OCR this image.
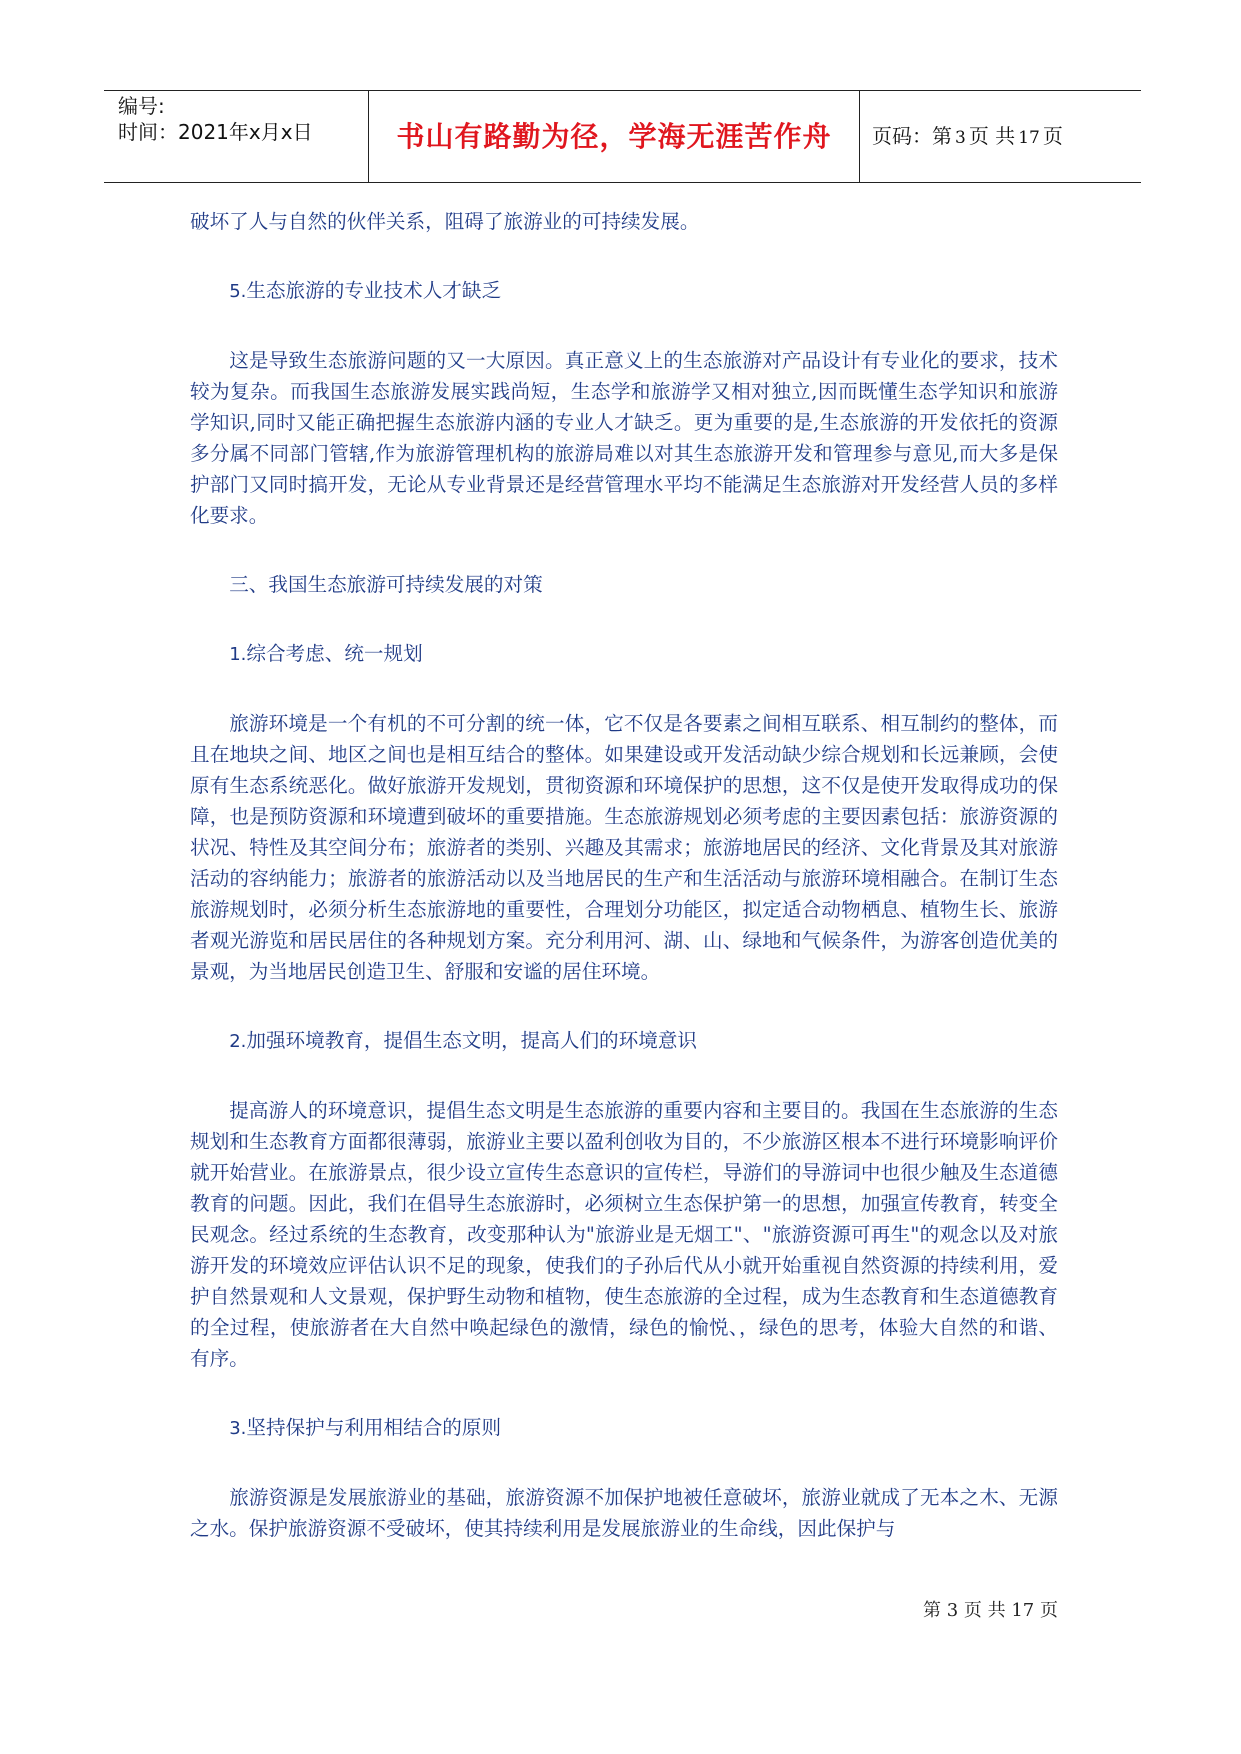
编号:
时间：2021年x月x日	书山有路勤为径，学海无涯苦作舟	页码：第 3 页 共 17 页

破坏了人与自然的伙伴关系，阻碍了旅游业的可持续发展。

5.生态旅游的专业技术人才缺乏

这是导致生态旅游问题的又一大原因。真正意义上的生态旅游对产品设计有专业化的要求，技术较为复杂。而我国生态旅游发展实践尚短，生态学和旅游学又相对独立,因而既懂生态学知识和旅游学知识,同时又能正确把握生态旅游内涵的专业人才缺乏。更为重要的是,生态旅游的开发依托的资源多分属不同部门管辖,作为旅游管理机构的旅游局难以对其生态旅游开发和管理参与意见,而大多是保护部门又同时搞开发，无论从专业背景还是经营管理水平均不能满足生态旅游对开发经营人员的多样化要求。

三、我国生态旅游可持续发展的对策

1.综合考虑、统一规划

旅游环境是一个有机的不可分割的统一体，它不仅是各要素之间相互联系、相互制约的整体，而且在地块之间、地区之间也是相互结合的整体。如果建设或开发活动缺少综合规划和长远兼顾，会使原有生态系统恶化。做好旅游开发规划，贯彻资源和环境保护的思想，这不仅是使开发取得成功的保障，也是预防资源和环境遭到破坏的重要措施。生态旅游规划必须考虑的主要因素包括：旅游资源的状况、特性及其空间分布；旅游者的类别、兴趣及其需求；旅游地居民的经济、文化背景及其对旅游活动的容纳能力；旅游者的旅游活动以及当地居民的生产和生活活动与旅游环境相融合。在制订生态旅游规划时，必须分析生态旅游地的重要性，合理划分功能区，拟定适合动物栖息、植物生长、旅游者观光游览和居民居住的各种规划方案。充分利用河、湖、山、绿地和气候条件，为游客创造优美的景观，为当地居民创造卫生、舒服和安谧的居住环境。

2.加强环境教育，提倡生态文明，提高人们的环境意识

提高游人的环境意识，提倡生态文明是生态旅游的重要内容和主要目的。我国在生态旅游的生态规划和生态教育方面都很薄弱，旅游业主要以盈利创收为目的，不少旅游区根本不进行环境影响评价就开始营业。在旅游景点，很少设立宣传生态意识的宣传栏，导游们的导游词中也很少触及生态道德教育的问题。因此，我们在倡导生态旅游时，必须树立生态保护第一的思想，加强宣传教育，转变全民观念。经过系统的生态教育，改变那种认为"旅游业是无烟工"、"旅游资源可再生"的观念以及对旅游开发的环境效应评估认识不足的现象，使我们的子孙后代从小就开始重视自然资源的持续利用，爱护自然景观和人文景观，保护野生动物和植物，使生态旅游的全过程，成为生态教育和生态道德教育的全过程，使旅游者在大自然中唤起绿色的激情，绿色的愉悦、，绿色的思考，体验大自然的和谐、有序。

3.坚持保护与利用相结合的原则

旅游资源是发展旅游业的基础，旅游资源不加保护地被任意破坏，旅游业就成了无本之木、无源之水。保护旅游资源不受破坏，使其持续利用是发展旅游业的生命线，因此保护与

第 3 页 共 17 页
